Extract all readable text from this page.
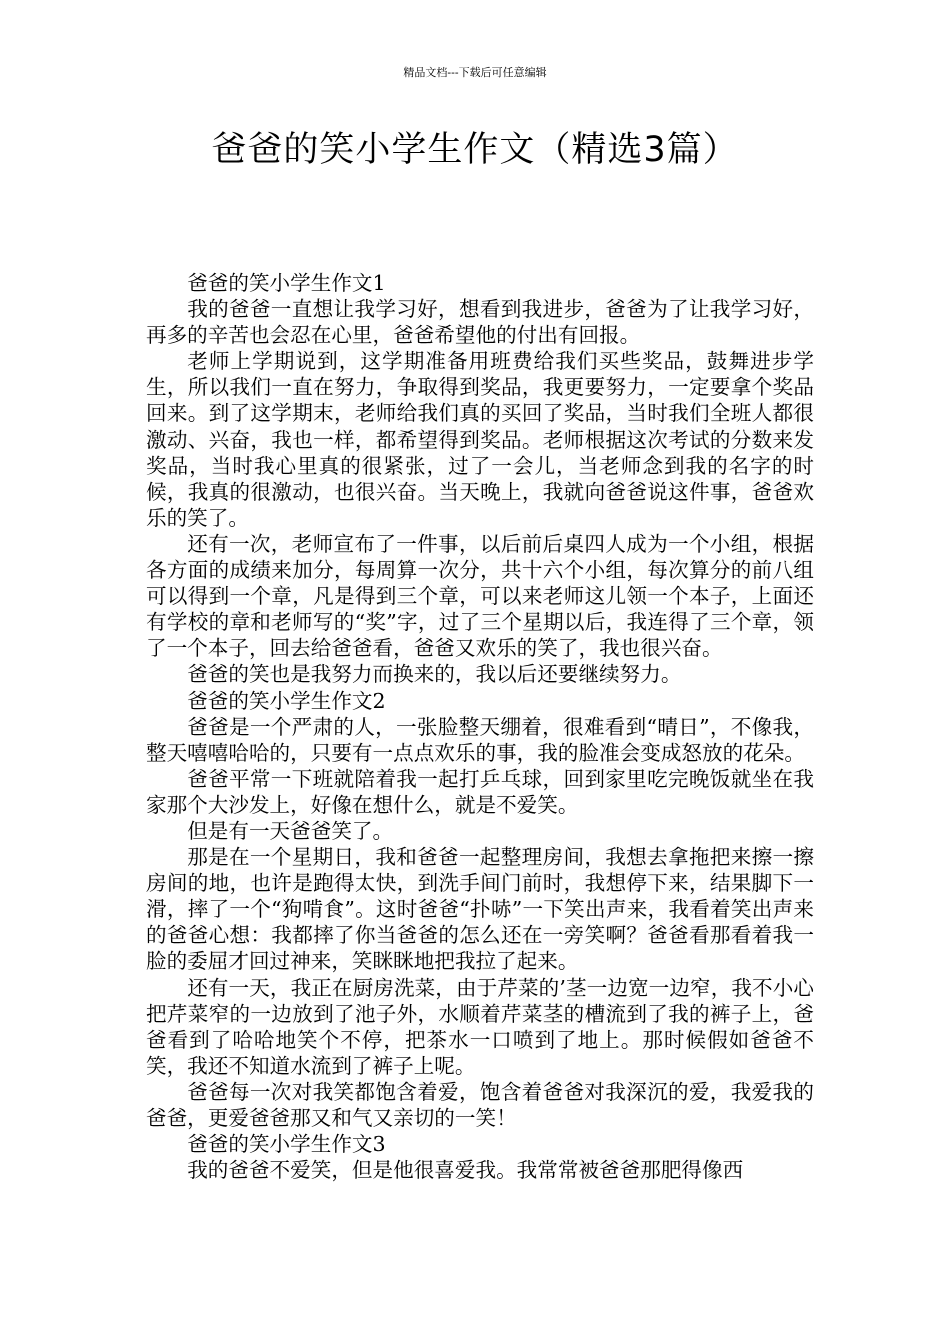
精品文档---下载后可任意编辑
爸爸的笑小学生作文（精选3篇）

爸爸的笑小学生作文1

我的爸爸一直想让我学习好，想看到我进步，爸爸为了让我学习好，再多的辛苦也会忍在心里，爸爸希望他的付出有回报。

老师上学期说到，这学期准备用班费给我们买些奖品，鼓舞进步学生，所以我们一直在努力，争取得到奖品，我更要努力，一定要拿个奖品回来。到了这学期末，老师给我们真的买回了奖品，当时我们全班人都很激动、兴奋，我也一样，都希望得到奖品。老师根据这次考试的分数来发奖品，当时我心里真的很紧张，过了一会儿，当老师念到我的名字的时候，我真的很激动，也很兴奋。当天晚上，我就向爸爸说这件事，爸爸欢乐的笑了。

还有一次，老师宣布了一件事，以后前后桌四人成为一个小组，根据各方面的成绩来加分，每周算一次分，共十六个小组，每次算分的前八组可以得到一个章，凡是得到三个章，可以来老师这儿领一个本子，上面还有学校的章和老师写的“奖”字，过了三个星期以后，我连得了三个章，领了一个本子，回去给爸爸看，爸爸又欢乐的笑了，我也很兴奋。

爸爸的笑也是我努力而换来的，我以后还要继续努力。

爸爸的笑小学生作文2

爸爸是一个严肃的人，一张脸整天绷着，很难看到“晴日”，不像我，整天嘻嘻哈哈的，只要有一点点欢乐的事，我的脸准会变成怒放的花朵。

爸爸平常一下班就陪着我一起打乒乓球，回到家里吃完晚饭就坐在我家那个大沙发上，好像在想什么，就是不爱笑。

但是有一天爸爸笑了。

那是在一个星期日，我和爸爸一起整理房间，我想去拿拖把来擦一擦房间的地，也许是跑得太快，到洗手间门前时，我想停下来，结果脚下一滑，摔了一个“狗啃食”。这时爸爸“扑哧”一下笑出声来，我看着笑出声来的爸爸心想：我都摔了你当爸爸的怎么还在一旁笑啊？爸爸看那看着我一脸的委屈才回过神来，笑眯眯地把我拉了起来。

还有一天，我正在厨房洗菜，由于芹菜的’茎一边宽一边窄，我不小心把芹菜窄的一边放到了池子外，水顺着芹菜茎的槽流到了我的裤子上，爸爸看到了哈哈地笑个不停，把茶水一口喷到了地上。那时候假如爸爸不笑，我还不知道水流到了裤子上呢。

爸爸每一次对我笑都饱含着爱，饱含着爸爸对我深沉的爱，我爱我的爸爸，更爱爸爸那又和气又亲切的一笑！

爸爸的笑小学生作文3

我的爸爸不爱笑，但是他很喜爱我。我常常被爸爸那肥得像西
